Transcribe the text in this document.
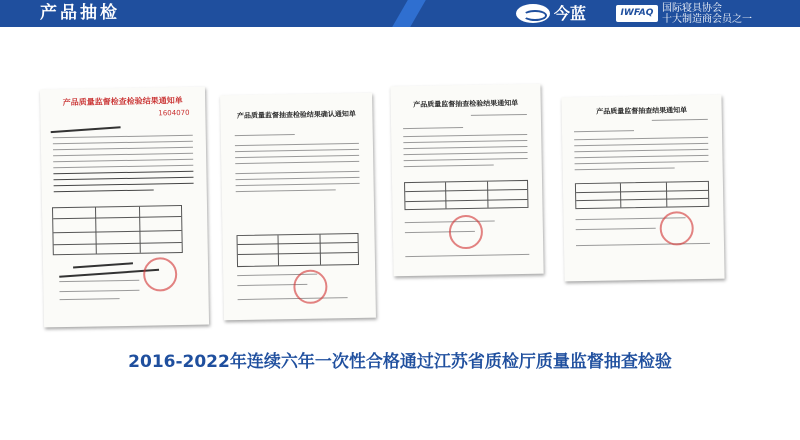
产品抽检	今蓝	IWFAQ 国际寝具协会
十大制造商会员之一
产品质量监督检查检验结果通知单
1604070	产品质量监督抽查检验结果确认通知单
产品质量监督抽查检验结果通知单
产品质量监督抽查结果通知单
2016-2022年连续六年一次性合格通过江苏省质检厅质量监督抽查检验
